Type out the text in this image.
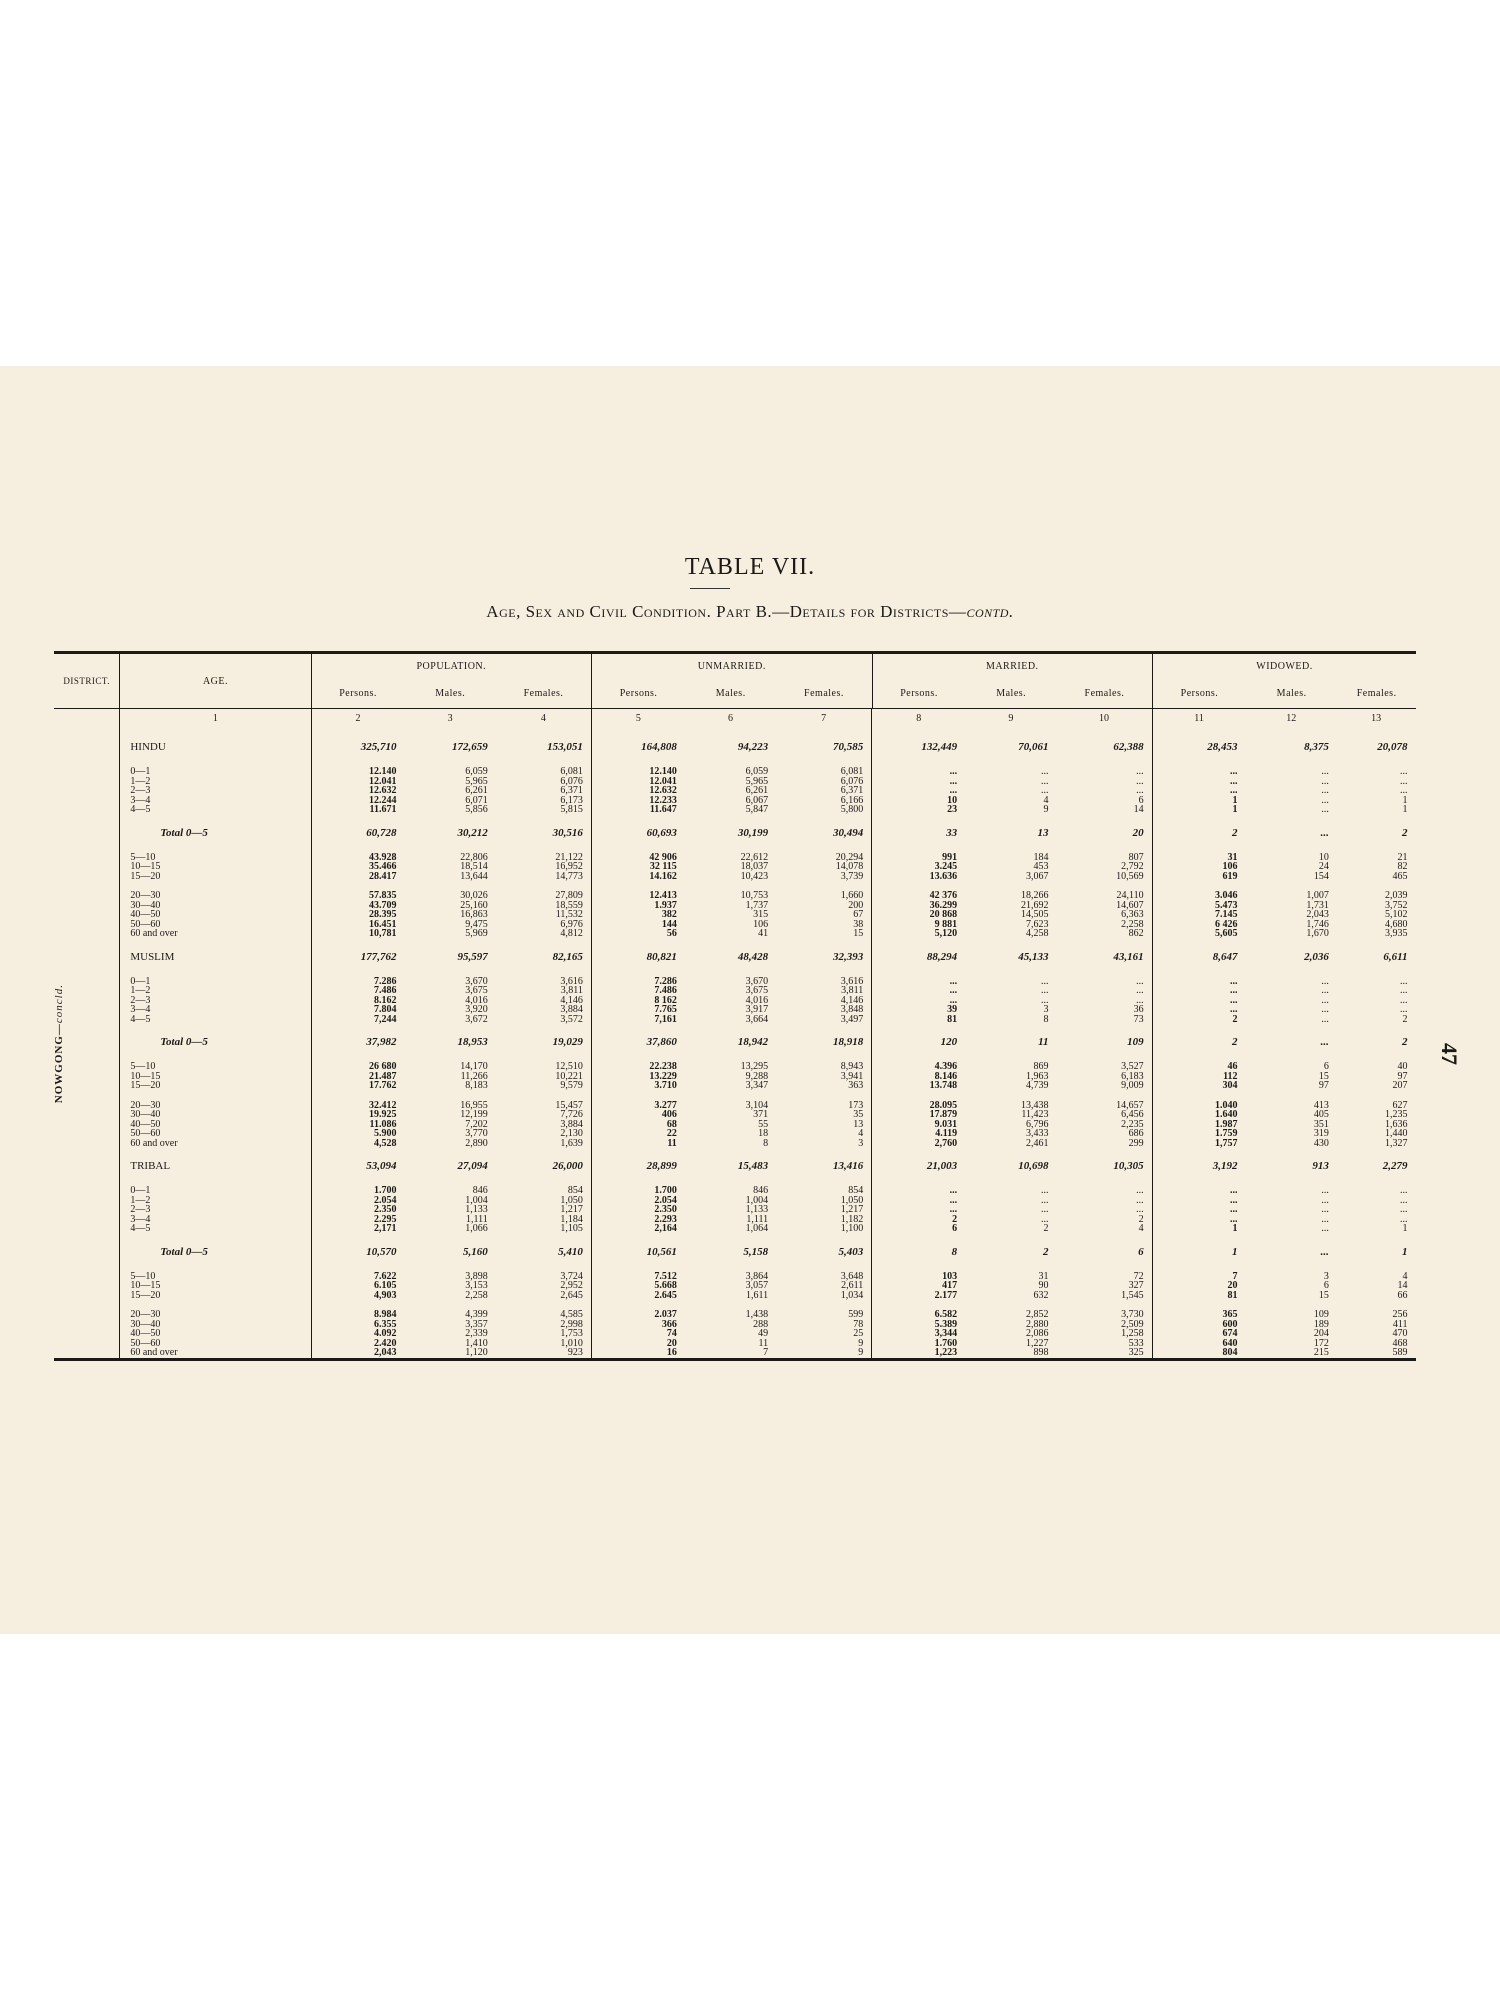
TABLE VII.
Age, Sex and Civil Condition. Part B.—Details for Districts—contd.
DISTRICT.	AGE.	POPULATION.			UNMARRIED.			MARRIED.			WIDOWED.		
		Persons.	Males.	Females.	Persons.	Males.	Females.	Persons.	Males.	Females.	Persons.	Males.	Females.
	1	2	3	4	5	6	7	8	9	10	11	12	13

NOWGONG—concld.													

	HINDU	325,710	172,659	153,051	164,808	94,223	70,585	132,449	70,061	62,388	28,453	8,375	20,078

	0—1	12.140	6,059	6,081	12.140	6,059	6,081	...	...	...	...	...	...
	1—2	12.041	5,965	6,076	12.041	5,965	6,076	...	...	...	...	...	...
	2—3	12.632	6,261	6,371	12.632	6,261	6,371	...	...	...	...	...	...
	3—4	12.244	6,071	6,173	12.233	6,067	6,166	10	4	6	1	...	1
	4—5	11.671	5,856	5,815	11.647	5,847	5,800	23	9	14	1	...	1

	Total 0—5	60,728	30,212	30,516	60,693	30,199	30,494	33	13	20	2	...	2

	5—10	43.928	22,806	21,122	42 906	22,612	20,294	991	184	807	31	10	21
	10—15	35.466	18,514	16,952	32 115	18,037	14,078	3.245	453	2,792	106	24	82
	15—20	28.417	13,644	14,773	14.162	10,423	3,739	13.636	3,067	10,569	619	154	465

	20—30	57.835	30,026	27,809	12.413	10,753	1,660	42 376	18,266	24,110	3.046	1,007	2,039
	30—40	43.709	25,160	18,559	1.937	1,737	200	36.299	21,692	14,607	5.473	1,731	3,752
	40—50	28.395	16,863	11,532	382	315	67	20 868	14,505	6,363	7.145	2,043	5,102
	50—60	16.451	9,475	6,976	144	106	38	9 881	7,623	2,258	6 426	1,746	4,680
	60 and over	10,781	5,969	4,812	56	41	15	5,120	4,258	862	5,605	1,670	3,935

	MUSLIM	177,762	95,597	82,165	80,821	48,428	32,393	88,294	45,133	43,161	8,647	2,036	6,611

	0—1	7.286	3,670	3,616	7.286	3,670	3,616	...	...	...	...	...	...
	1—2	7.486	3,675	3,811	7.486	3,675	3,811	...	...	...	...	...	...
	2—3	8.162	4,016	4,146	8 162	4,016	4,146	...	...	...	...	...	...
	3—4	7.804	3,920	3,884	7.765	3,917	3,848	39	3	36	...	...	...
	4—5	7,244	3,672	3,572	7,161	3,664	3,497	81	8	73	2	...	2

	Total 0—5	37,982	18,953	19,029	37,860	18,942	18,918	120	11	109	2	...	2

	5—10	26 680	14,170	12,510	22.238	13,295	8,943	4.396	869	3,527	46	6	40
	10—15	21.487	11,266	10,221	13.229	9,288	3,941	8.146	1,963	6,183	112	15	97
	15—20	17.762	8,183	9,579	3.710	3,347	363	13.748	4,739	9,009	304	97	207

	20—30	32.412	16,955	15,457	3.277	3,104	173	28.095	13,438	14,657	1.040	413	627
	30—40	19.925	12,199	7,726	406	371	35	17.879	11,423	6,456	1.640	405	1,235
	40—50	11.086	7,202	3,884	68	55	13	9.031	6,796	2,235	1.987	351	1,636
	50—60	5.900	3,770	2,130	22	18	4	4.119	3,433	686	1.759	319	1,440
	60 and over	4,528	2,890	1,639	11	8	3	2,760	2,461	299	1,757	430	1,327

	TRIBAL	53,094	27,094	26,000	28,899	15,483	13,416	21,003	10,698	10,305	3,192	913	2,279

	0—1	1.700	846	854	1.700	846	854	...	...	...	...	...	...
	1—2	2.054	1,004	1,050	2.054	1,004	1,050	...	...	...	...	...	...
	2—3	2.350	1,133	1,217	2.350	1,133	1,217	...	...	...	...	...	...
	3—4	2.295	1,111	1,184	2.293	1,111	1,182	2	...	2	...	...	...
	4—5	2,171	1,066	1,105	2,164	1,064	1,100	6	2	4	1	...	1

	Total 0—5	10,570	5,160	5,410	10,561	5,158	5,403	8	2	6	1	...	1

	5—10	7.622	3,898	3,724	7.512	3,864	3,648	103	31	72	7	3	4
	10—15	6.105	3,153	2,952	5.668	3,057	2,611	417	90	327	20	6	14
	15—20	4,903	2,258	2,645	2.645	1,611	1,034	2.177	632	1,545	81	15	66

	20—30	8.984	4,399	4,585	2.037	1,438	599	6.582	2,852	3,730	365	109	256
	30—40	6.355	3,357	2,998	366	288	78	5.389	2,880	2,509	600	189	411
	40—50	4.092	2,339	1,753	74	49	25	3,344	2,086	1,258	674	204	470
	50—60	2.420	1,410	1,010	20	11	9	1.760	1,227	533	640	172	468
	60 and over	2,043	1,120	923	16	7	9	1,223	898	325	804	215	589
47
